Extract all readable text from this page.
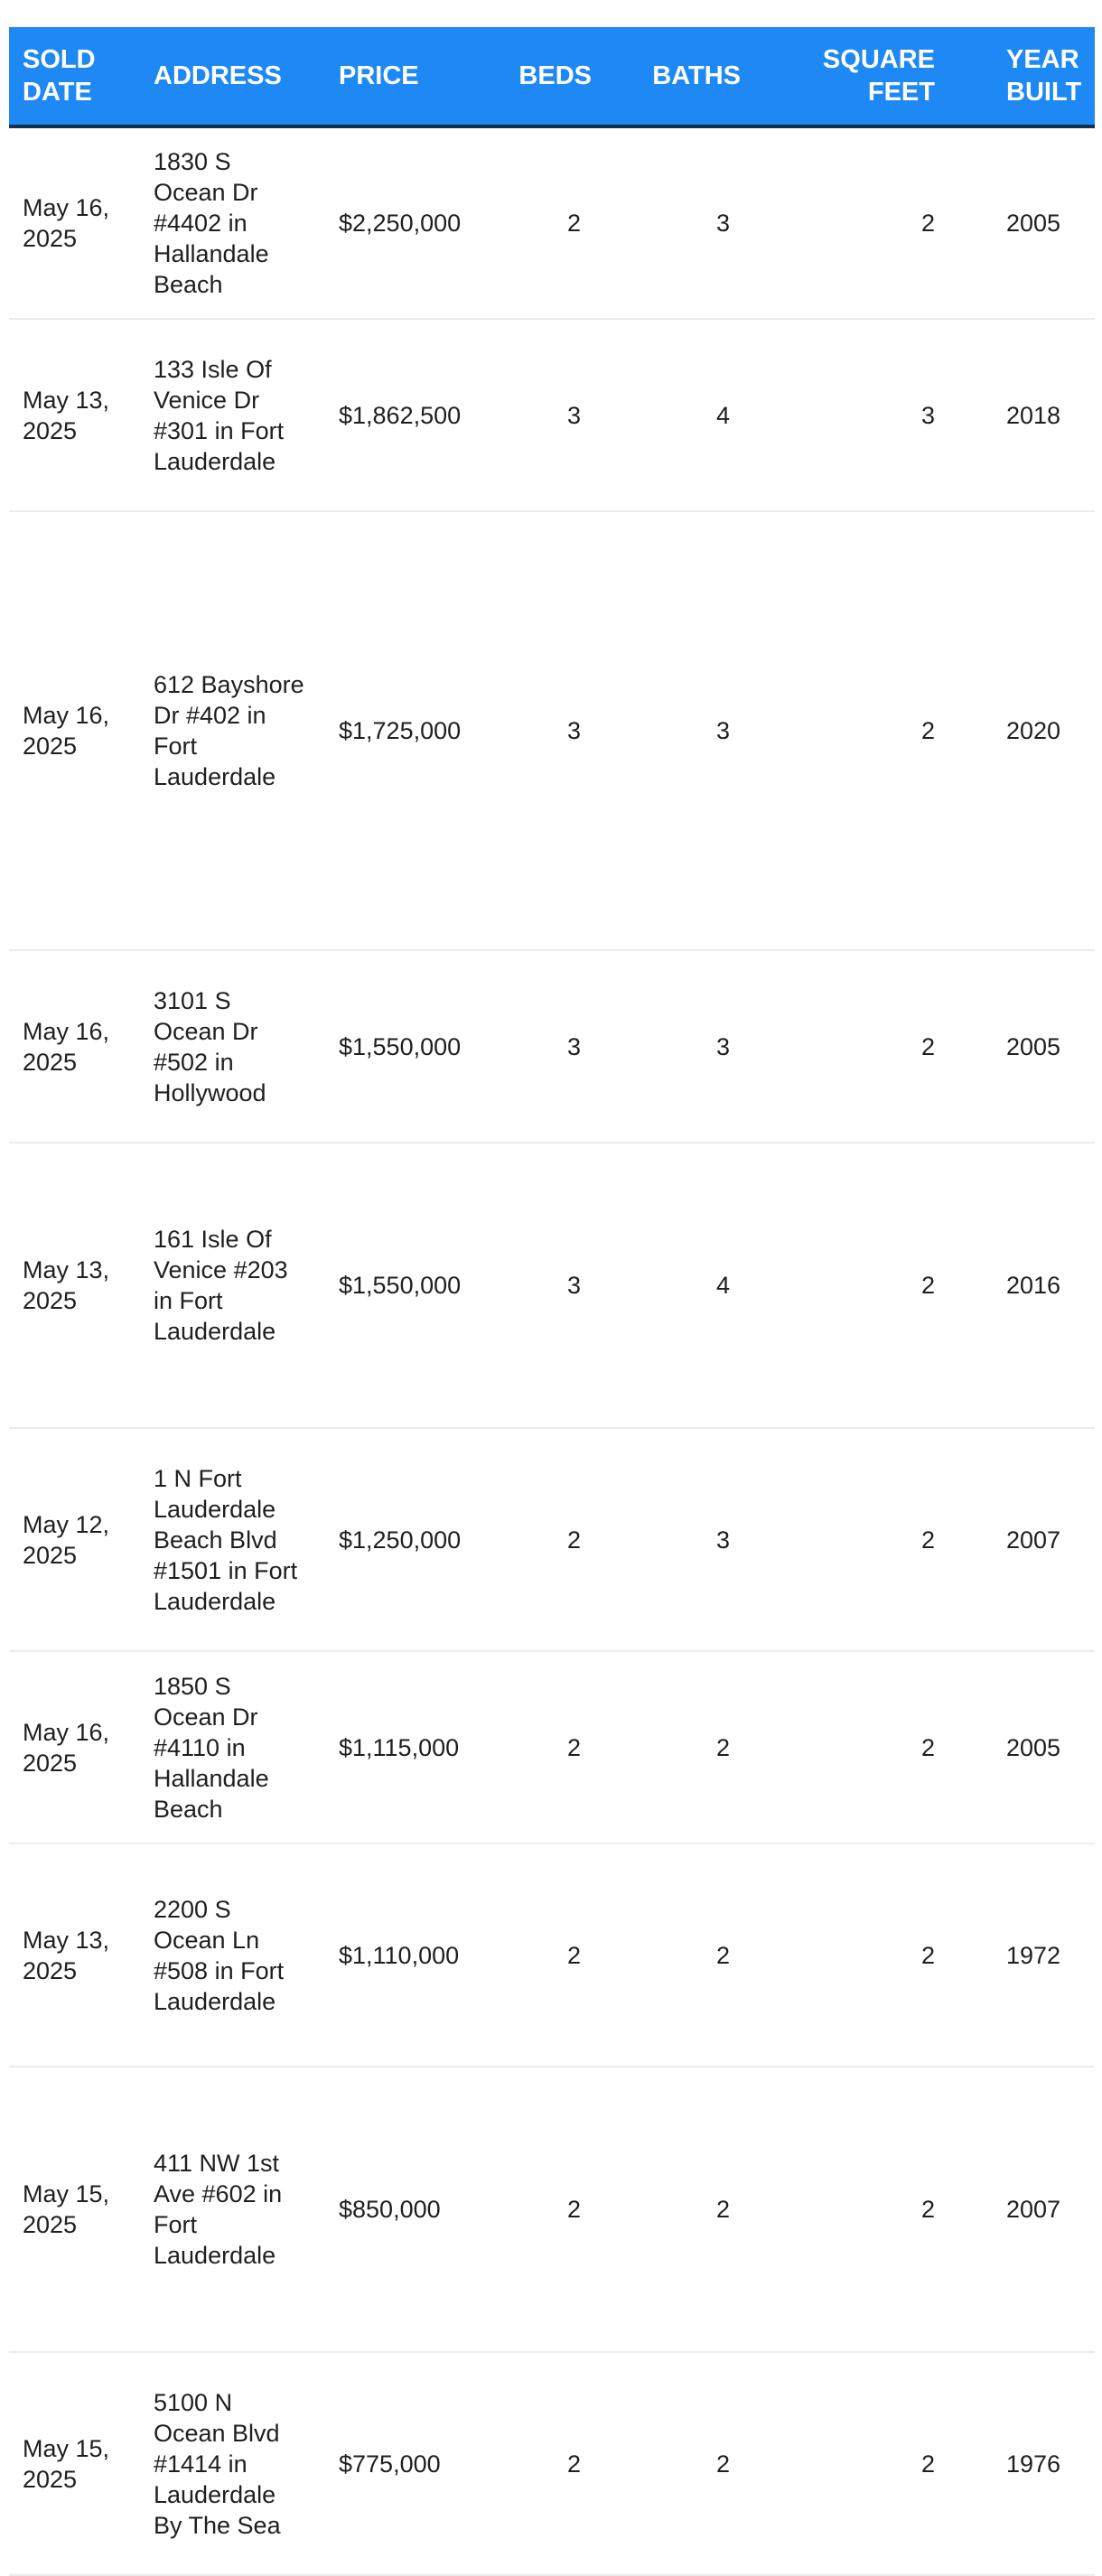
SOLD DATE	ADDRESS	PRICE	BEDS	BATHS	SQUARE FEET	YEAR BUILT
May 16, 2025	1830 S Ocean Dr #4402 in Hallandale Beach	$2,250,000	2	3	2	2005
May 13, 2025	133 Isle Of Venice Dr #301 in Fort Lauderdale	$1,862,500	3	4	3	2018
May 16, 2025	612 Bayshore Dr #402 in Fort Lauderdale	$1,725,000	3	3	2	2020
May 16, 2025	3101 S Ocean Dr #502 in Hollywood	$1,550,000	3	3	2	2005
May 13, 2025	161 Isle Of Venice #203 in Fort Lauderdale	$1,550,000	3	4	2	2016
May 12, 2025	1 N Fort Lauderdale Beach Blvd #1501 in Fort Lauderdale	$1,250,000	2	3	2	2007
May 16, 2025	1850 S Ocean Dr #4110 in Hallandale Beach	$1,115,000	2	2	2	2005
May 13, 2025	2200 S Ocean Ln #508 in Fort Lauderdale	$1,110,000	2	2	2	1972
May 15, 2025	411 NW 1st Ave #602 in Fort Lauderdale	$850,000	2	2	2	2007
May 15, 2025	5100 N Ocean Blvd #1414 in Lauderdale By The Sea	$775,000	2	2	2	1976
